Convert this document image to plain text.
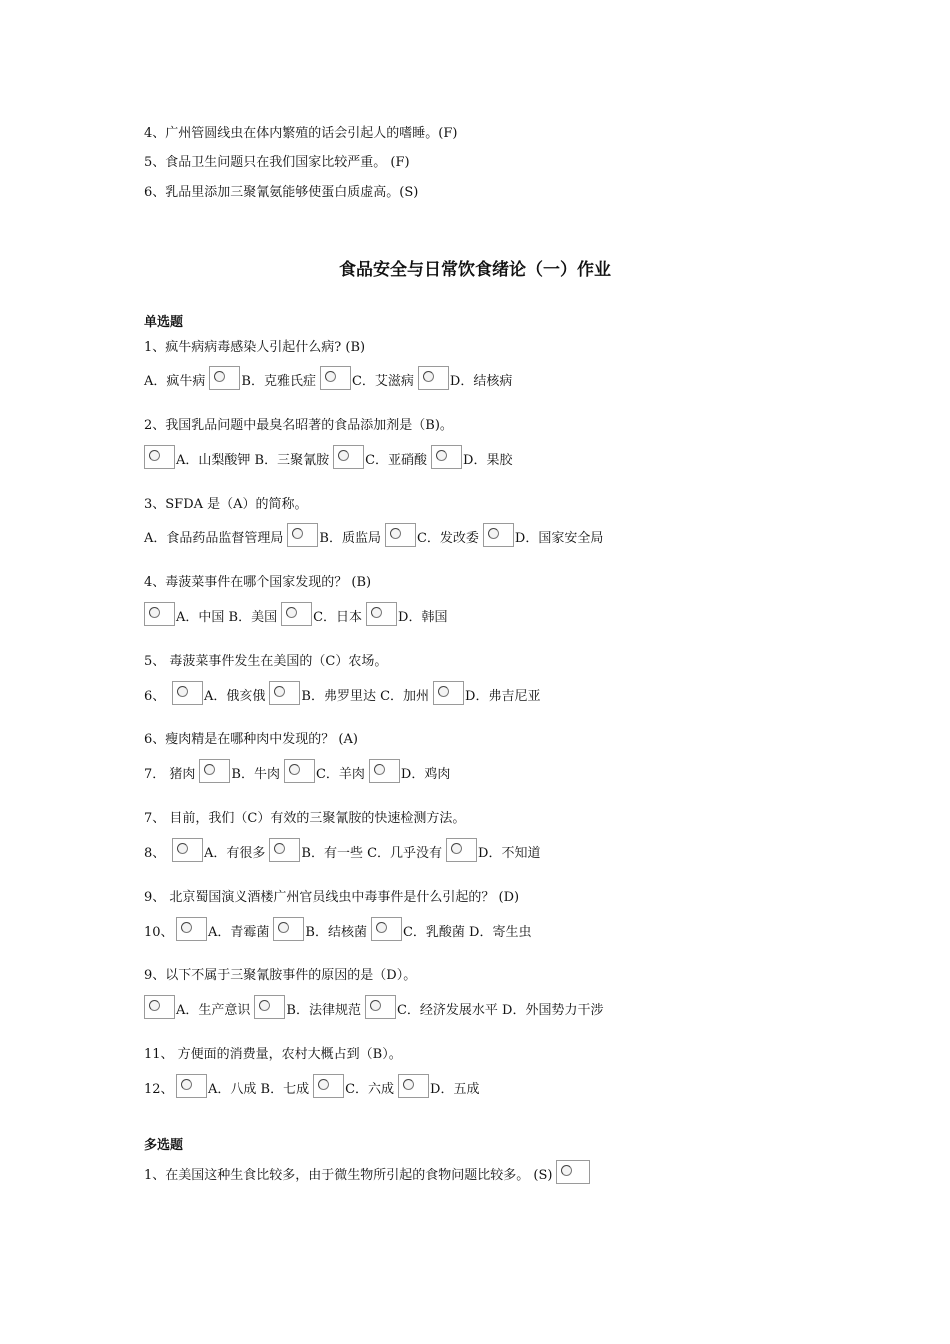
4、广州管圆线虫在体内繁殖的话会引起人的嗜睡。(F)
5、食品卫生问题只在我们国家比较严重。 (F)
6、乳品里添加三聚氰氨能够使蛋白质虚高。(S)
食品安全与日常饮食绪论（一）作业
单选题
1、疯牛病病毒感染人引起什么病? (B)
A．疯牛病	B．克雅氏症	C．艾滋病	D．结核病
2、我国乳品问题中最臭名昭著的食品添加剂是（B)。
A．山梨酸钾 B．三聚氰胺	C．亚硝酸	D．果胶
3、SFDA 是（A）的简称。
A．食品药品监督管理局	B．质监局	C．发改委	D．国家安全局
4、毒菠菜事件在哪个国家发现的？ (B)
A．中国 B．美国	C．日本	D．韩国
5、 毒菠菜事件发生在美国的（C）农场。
6、	A．俄亥俄	B．弗罗里达 C．加州	D．弗吉尼亚
6、瘦肉精是在哪种肉中发现的？ (A)
7． 猪肉	B．牛肉	C．羊肉	D．鸡肉
7、 目前，我们（C）有效的三聚氰胺的快速检测方法。
8、	A．有很多	B．有一些 C．几乎没有	D．不知道
9、 北京蜀国演义酒楼广州官员线虫中毒事件是什么引起的？ (D)
10、	A．青霉菌	B．结核菌	C．乳酸菌 D．寄生虫
9、以下不属于三聚氰胺事件的原因的是（D）。
A．生产意识	B．法律规范	C．经济发展水平 D．外国势力干涉
11、 方便面的消费量，农村大概占到（B）。
12、	A．八成 B．七成	C．六成	D．五成
多选题
1、在美国这种生食比较多，由于微生物所引起的食物问题比较多。 (S)
